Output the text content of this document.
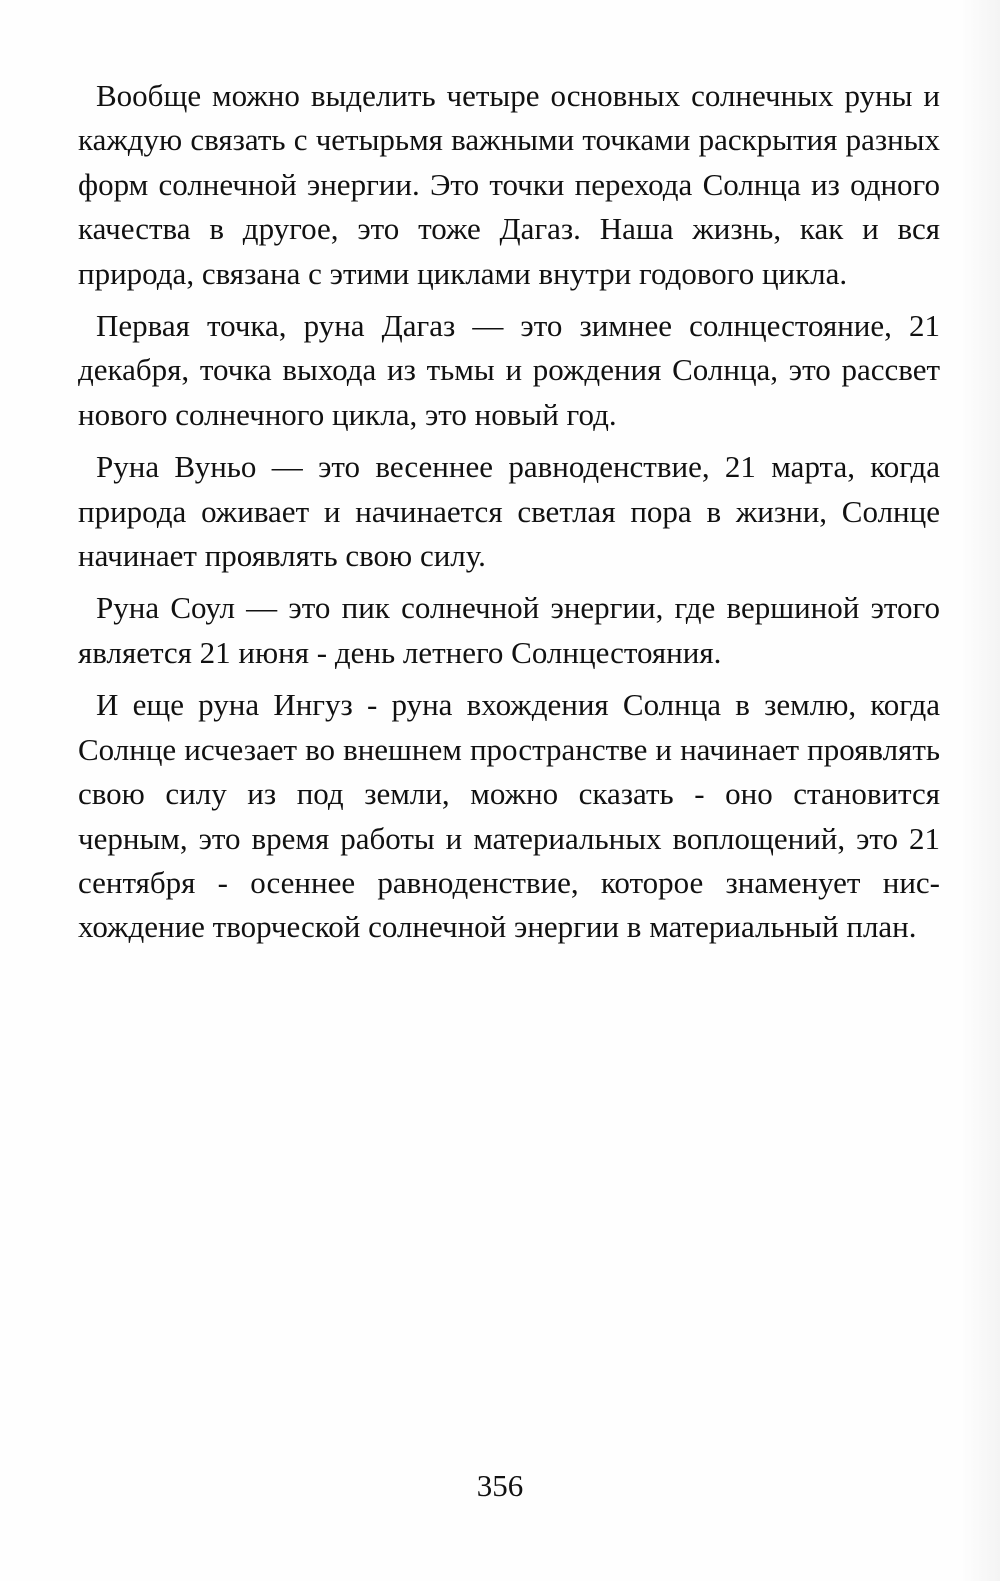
Вообще можно выделить четыре основных солнечных руны и каждую связать с четырьмя важными точками раскрытия разных форм солнечной энергии. Это точки перехода Солнца из одного качества в другое, это тоже Дагаз. Наша жизнь, как и вся природа, связана с этими циклами внутри годового цикла.

Первая точка, руна Дагаз — это зимнее солнцестояние, 21 декабря, точка выхода из тьмы и рождения Солнца, это рассвет нового солнечного цикла, это новый год.

Руна Вуньо — это весеннее равноденствие, 21 марта, когда природа оживает и начинается светлая пора в жизни, Солнце начинает проявлять свою силу.

Руна Соул — это пик солнечной энергии, где вершиной этого является 21 июня - день летнего Солнцестояния.

И еще руна Ингуз - руна вхождения Солнца в землю, когда Солнце исчезает во внешнем пространстве и начинает проявлять свою силу из под земли, можно сказать - оно становится черным, это время работы и материальных воплощений, это 21 сентября - осеннее равноденствие, которое знаменует нисхождение творческой солнечной энергии в материальный план.

356
